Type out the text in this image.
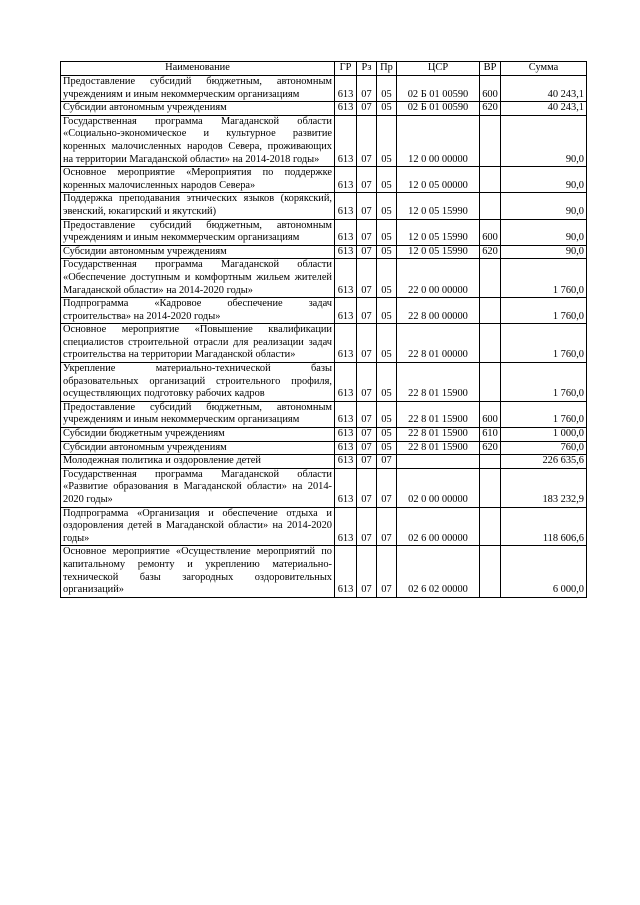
Наименование	ГР	Рз	Пр	ЦСР	ВР	Сумма
Предоставление субсидий бюджетным, автономным учреждениям и иным некоммерческим организациям	613	07	05	02 Б 01 00590	600	40 243,1
Субсидии автономным учреждениям	613	07	05	02 Б 01 00590	620	40 243,1
Государственная программа Магаданской области «Социально-экономическое и культурное развитие коренных малочисленных народов Севера, проживающих на территории Магаданской области» на 2014-2018 годы»	613	07	05	12 0 00 00000		90,0
Основное мероприятие «Мероприятия по поддержке коренных малочисленных народов Севера»	613	07	05	12 0 05 00000		90,0
Поддержка преподавания этнических языков (корякский, эвенский, юкагирский и якутский)	613	07	05	12 0 05 15990		90,0
Предоставление субсидий бюджетным, автономным учреждениям и иным некоммерческим организациям	613	07	05	12 0 05 15990	600	90,0
Субсидии автономным учреждениям	613	07	05	12 0 05 15990	620	90,0
Государственная программа Магаданской области «Обеспечение доступным и комфортным жильем жителей Магаданской области» на 2014-2020 годы»	613	07	05	22 0 00 00000		1 760,0
Подпрограмма «Кадровое обеспечение задач строительства» на 2014-2020 годы»	613	07	05	22 8 00 00000		1 760,0
Основное мероприятие «Повышение квалификации специалистов строительной отрасли для реализации задач строительства на территории Магаданской области»	613	07	05	22 8 01 00000		1 760,0
Укрепление материально-технической базы образовательных организаций строительного профиля, осуществляющих подготовку рабочих кадров	613	07	05	22 8 01 15900		1 760,0
Предоставление субсидий бюджетным, автономным учреждениям и иным некоммерческим организациям	613	07	05	22 8 01 15900	600	1 760,0
Субсидии бюджетным учреждениям	613	07	05	22 8 01 15900	610	1 000,0
Субсидии автономным учреждениям	613	07	05	22 8 01 15900	620	760,0
Молодежная политика и оздоровление детей	613	07	07			226 635,6
Государственная программа Магаданской области «Развитие образования в Магаданской области» на 2014-2020 годы»	613	07	07	02 0 00 00000		183 232,9
Подпрограмма «Организация и обеспечение отдыха и оздоровления детей в Магаданской области» на 2014-2020 годы»	613	07	07	02 6 00 00000		118 606,6
Основное мероприятие «Осуществление мероприятий по капитальному ремонту и укреплению материально-технической базы загородных оздоровительных организаций»	613	07	07	02 6 02 00000		6 000,0
